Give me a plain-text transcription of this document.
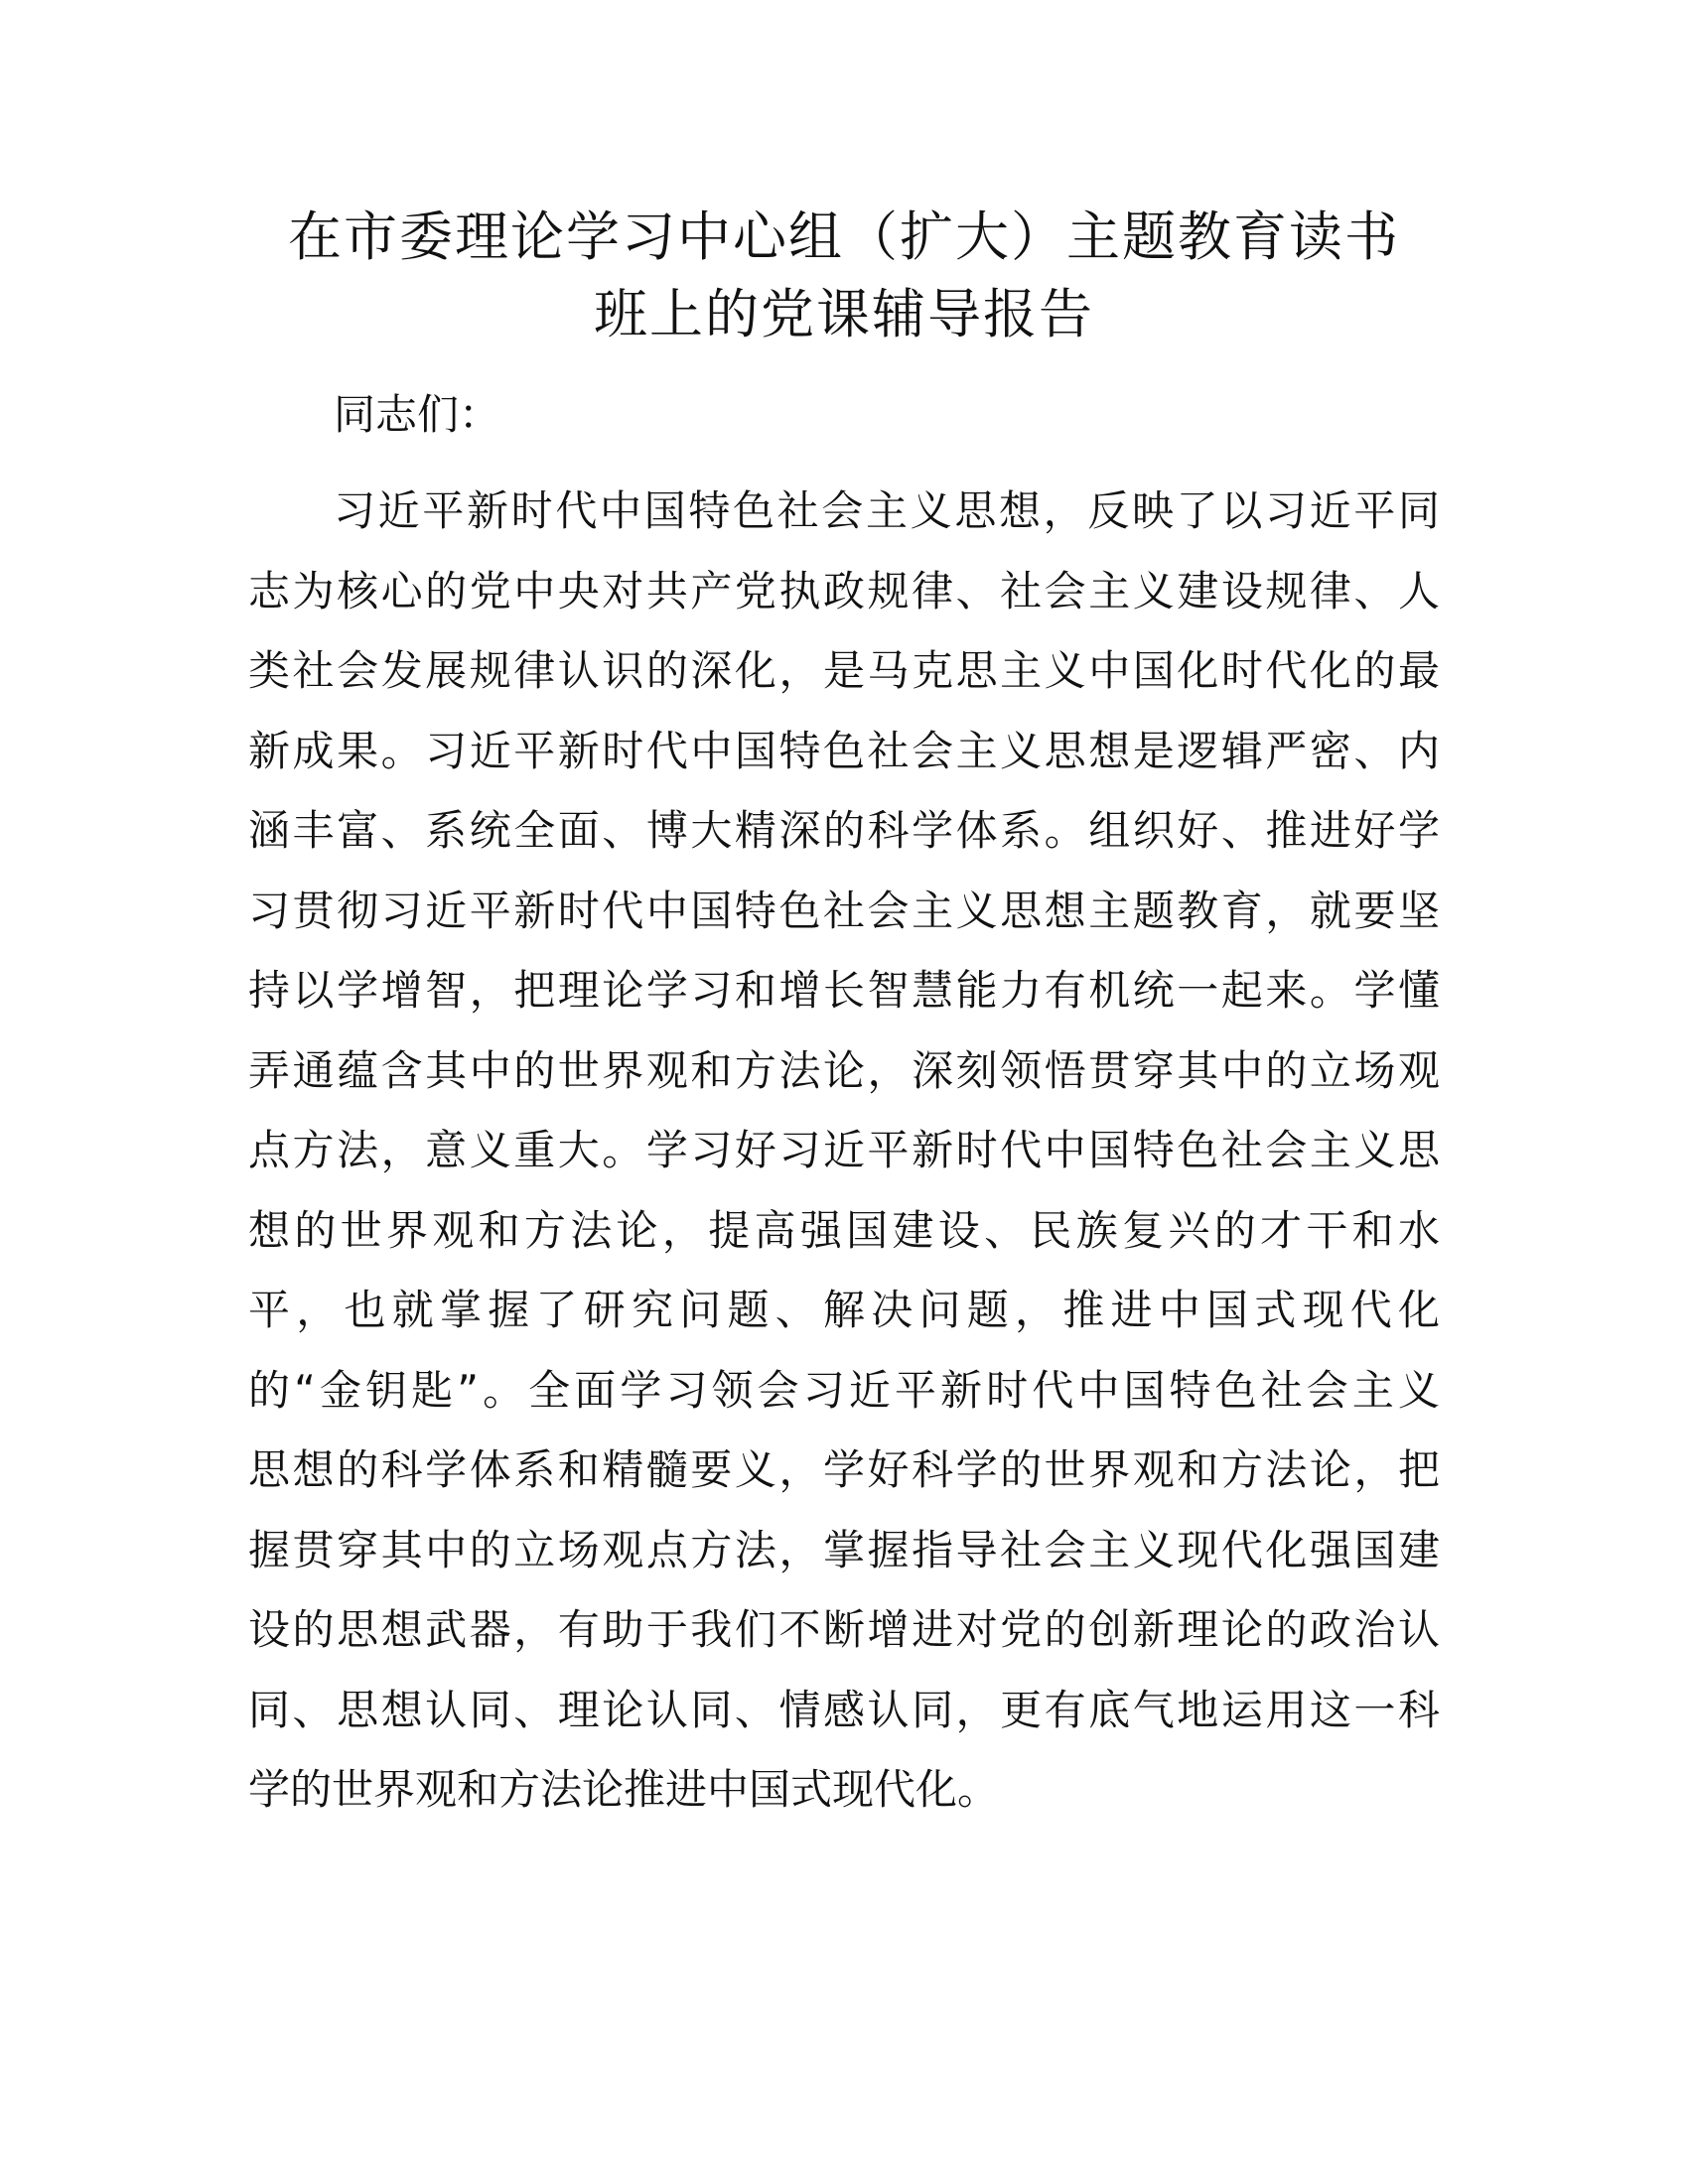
在市委理论学习中心组（扩大）主题教育读书
班上的党课辅导报告

同志们：

习近平新时代中国特色社会主义思想，反映了以习近平同
志为核心的党中央对共产党执政规律、社会主义建设规律、人
类社会发展规律认识的深化，是马克思主义中国化时代化的最
新成果。习近平新时代中国特色社会主义思想是逻辑严密、内
涵丰富、系统全面、博大精深的科学体系。组织好、推进好学
习贯彻习近平新时代中国特色社会主义思想主题教育，就要坚
持以学增智，把理论学习和增长智慧能力有机统一起来。学懂
弄通蕴含其中的世界观和方法论，深刻领悟贯穿其中的立场观
点方法，意义重大。学习好习近平新时代中国特色社会主义思
想的世界观和方法论，提高强国建设、民族复兴的才干和水
平，也就掌握了研究问题、解决问题，推进中国式现代化
的“金钥匙”。全面学习领会习近平新时代中国特色社会主义
思想的科学体系和精髓要义，学好科学的世界观和方法论，把
握贯穿其中的立场观点方法，掌握指导社会主义现代化强国建
设的思想武器，有助于我们不断增进对党的创新理论的政治认
同、思想认同、理论认同、情感认同，更有底气地运用这一科
学的世界观和方法论推进中国式现代化。
